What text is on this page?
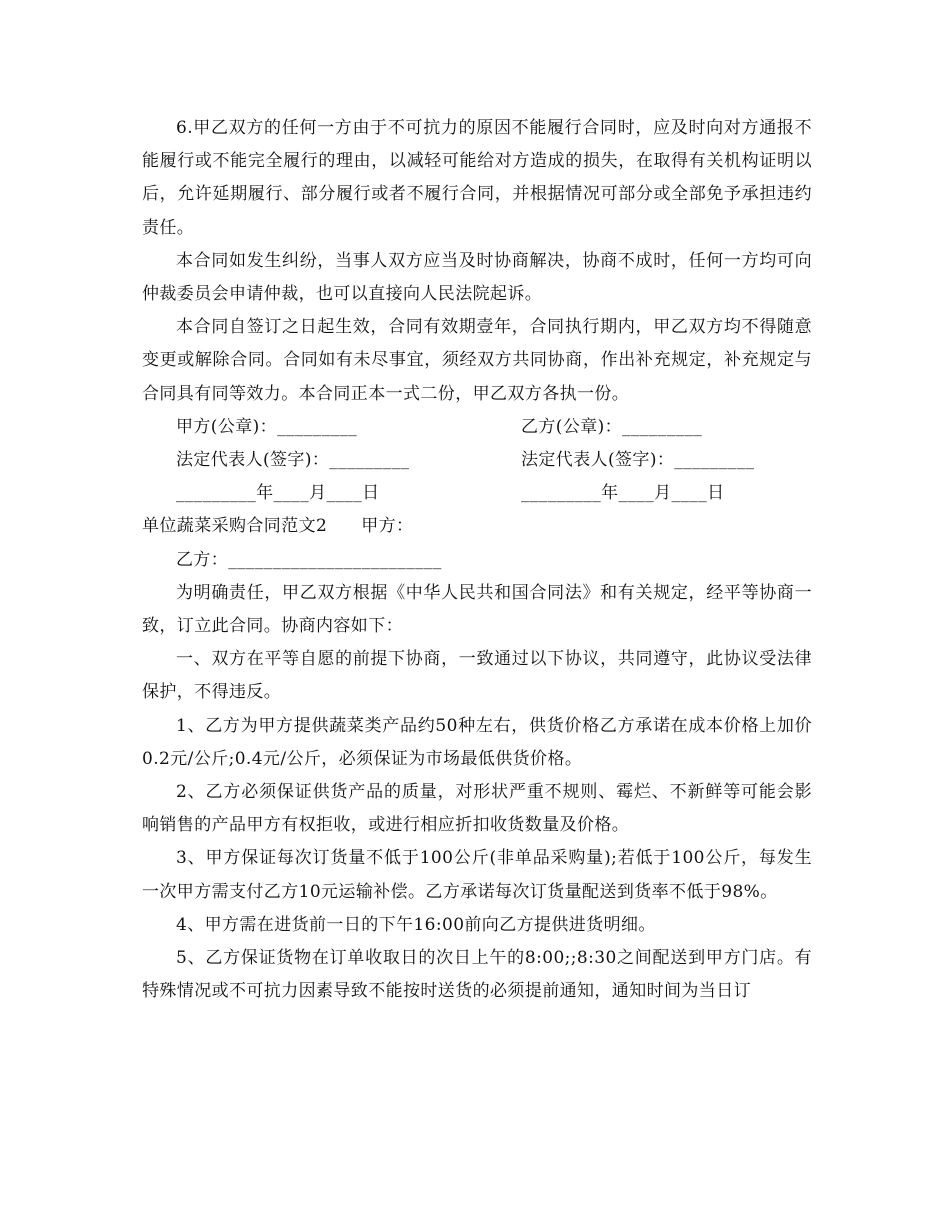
6.甲乙双方的任何一方由于不可抗力的原因不能履行合同时，应及时向对方通报不能履行或不能完全履行的理由，以减轻可能给对方造成的损失，在取得有关机构证明以后，允许延期履行、部分履行或者不履行合同，并根据情况可部分或全部免予承担违约责任。

本合同如发生纠纷，当事人双方应当及时协商解决，协商不成时，任何一方均可向仲裁委员会申请仲裁，也可以直接向人民法院起诉。

本合同自签订之日起生效，合同有效期壹年，合同执行期内，甲乙双方均不得随意变更或解除合同。合同如有未尽事宜，须经双方共同协商，作出补充规定，补充规定与合同具有同等效力。本合同正本一式二份，甲乙双方各执一份。

甲方(公章)：_________	乙方(公章)：_________
法定代表人(签字)：_________	法定代表人(签字)：_________
_________年____月____日	_________年____月____日
单位蔬菜采购合同范文2 甲方：
乙方：________________________

为明确责任，甲乙双方根据《中华人民共和国合同法》和有关规定，经平等协商一致，订立此合同。协商内容如下：

一、双方在平等自愿的前提下协商，一致通过以下协议，共同遵守，此协议受法律保护，不得违反。

1、乙方为甲方提供蔬菜类产品约50种左右，供货价格乙方承诺在成本价格上加价0.2元/公斤;0.4元/公斤，必须保证为市场最低供货价格。

2、乙方必须保证供货产品的质量，对形状严重不规则、霉烂、不新鲜等可能会影响销售的产品甲方有权拒收，或进行相应折扣收货数量及价格。

3、甲方保证每次订货量不低于100公斤(非单品采购量);若低于100公斤，每发生一次甲方需支付乙方10元运输补偿。乙方承诺每次订货量配送到货率不低于98%。

4、甲方需在进货前一日的下午16:00前向乙方提供进货明细。

5、乙方保证货物在订单收取日的次日上午的8:00;;8:30之间配送到甲方门店。有特殊情况或不可抗力因素导致不能按时送货的必须提前通知，通知时间为当日订
